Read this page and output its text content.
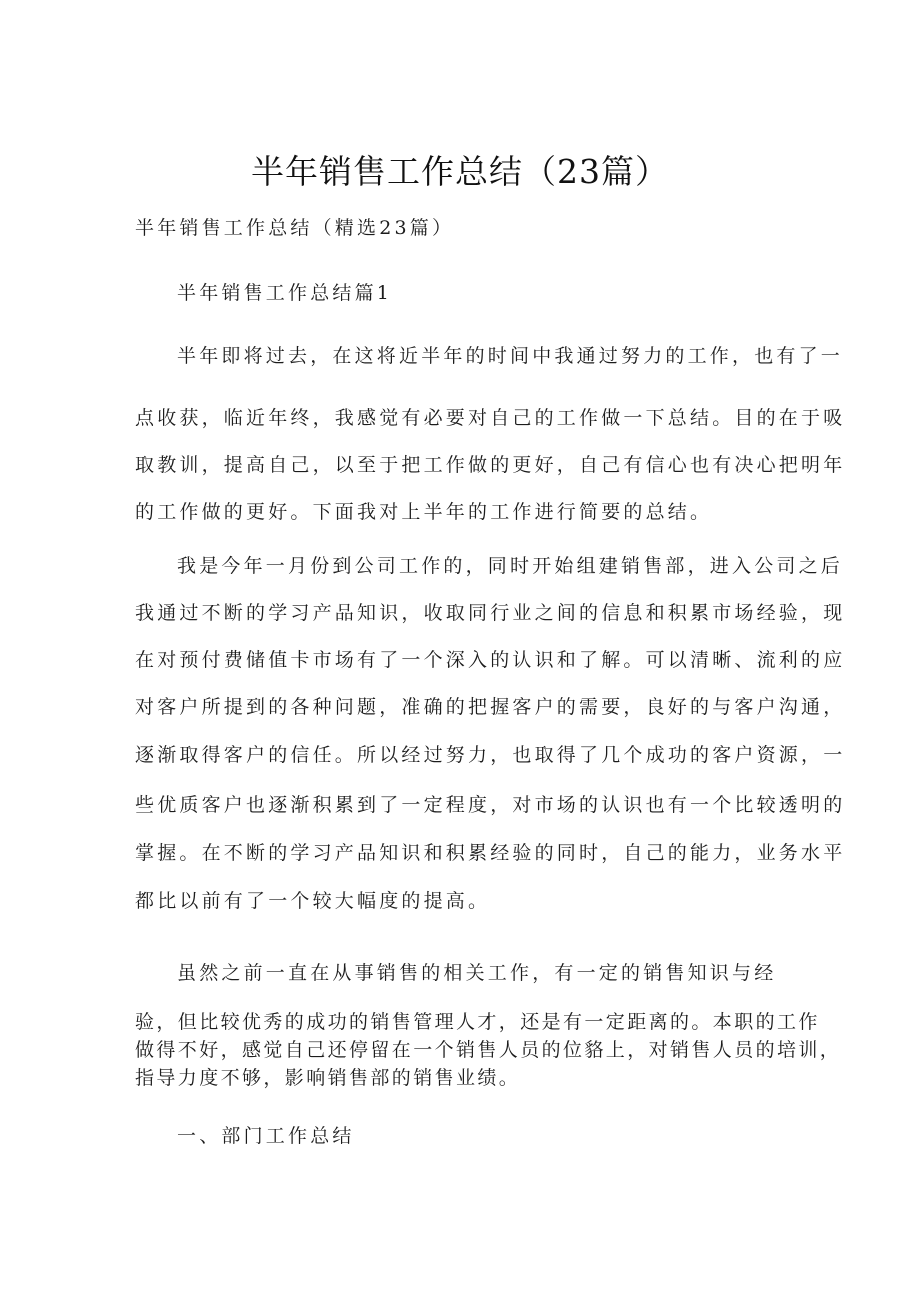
半年销售工作总结（23篇）
半年销售工作总结（精选23篇）
半年销售工作总结篇1
半年即将过去，在这将近半年的时间中我通过努力的工作，也有了一
点收获，临近年终，我感觉有必要对自己的工作做一下总结。目的在于吸
取教训，提高自己，以至于把工作做的更好，自己有信心也有决心把明年
的工作做的更好。下面我对上半年的工作进行简要的总结。
我是今年一月份到公司工作的，同时开始组建销售部，进入公司之后
我通过不断的学习产品知识，收取同行业之间的信息和积累市场经验，现
在对预付费储值卡市场有了一个深入的认识和了解。可以清晰、流利的应
对客户所提到的各种问题，准确的把握客户的需要，良好的与客户沟通，
逐渐取得客户的信任。所以经过努力，也取得了几个成功的客户资源，一
些优质客户也逐渐积累到了一定程度，对市场的认识也有一个比较透明的
掌握。在不断的学习产品知识和积累经验的同时，自己的能力，业务水平
都比以前有了一个较大幅度的提高。
虽然之前一直在从事销售的相关工作，有一定的销售知识与经
验，但比较优秀的成功的销售管理人才，还是有一定距离的。本职的工作
做得不好，感觉自己还停留在一个销售人员的位貉上，对销售人员的培训，
指导力度不够，影响销售部的销售业绩。
一、部门工作总结
